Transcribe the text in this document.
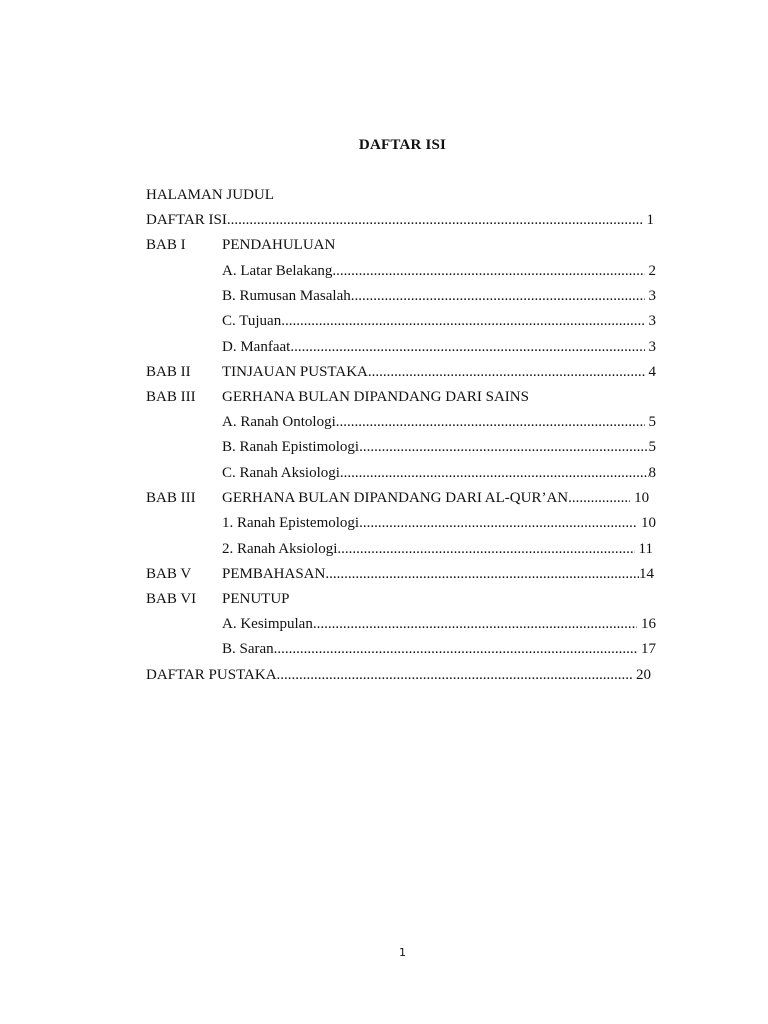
DAFTAR ISI
HALAMAN JUDUL
DAFTAR ISI .....	1
BAB I PENDAHULUAN
A. Latar Belakang .....	2
B. Rumusan Masalah .....	3
C. Tujuan .....	3
D. Manfaat .....	3
BAB II TINJAUAN PUSTAKA .....	4
BAB III GERHANA BULAN DIPANDANG DARI SAINS
A. Ranah Ontologi .....	5
B. Ranah Epistimologi .....	5
C. Ranah Aksiologi .....	8
BAB III GERHANA BULAN DIPANDANG DARI AL-QUR’AN .....	10
1. Ranah Epistemologi .....	10
2. Ranah Aksiologi .....	11
BAB V PEMBAHASAN .....	14
BAB VI PENUTUP
A. Kesimpulan .....	16
B. Saran .....	17
DAFTAR PUSTAKA .....	20
1
